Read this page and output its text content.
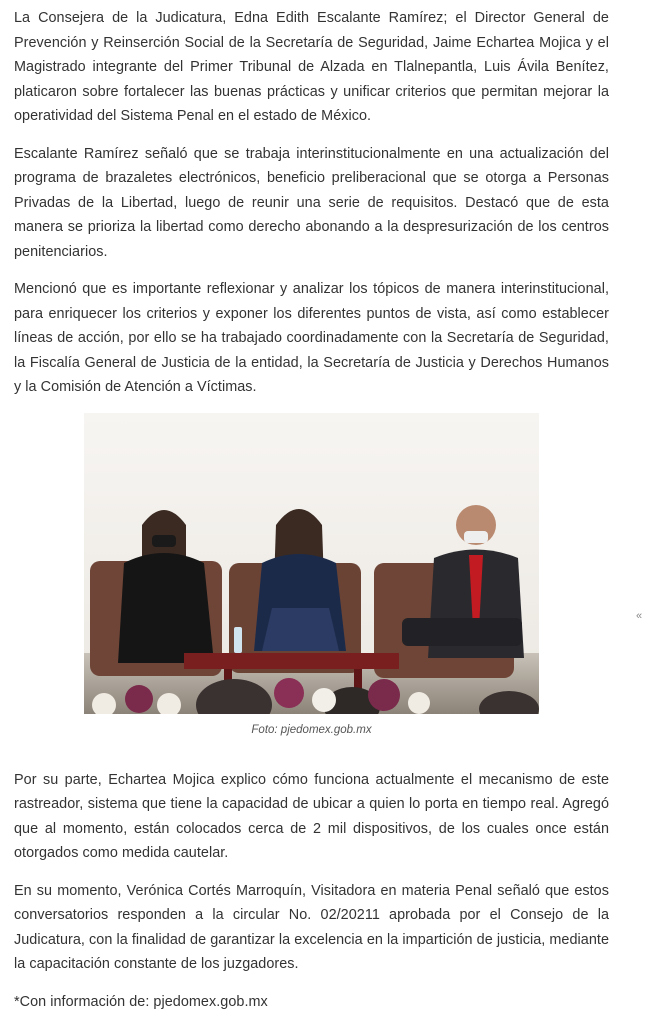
La Consejera de la Judicatura, Edna Edith Escalante Ramírez; el Director General de Prevención y Reinserción Social de la Secretaría de Seguridad, Jaime Echartea Mojica y el Magistrado integrante del Primer Tribunal de Alzada en Tlalnepantla, Luis Ávila Benítez, platicaron sobre fortalecer las buenas prácticas y unificar criterios que permitan mejorar la operatividad del Sistema Penal en el estado de México.

Escalante Ramírez señaló que se trabaja interinstitucionalmente en una actualización del programa de brazaletes electrónicos, beneficio preliberacional que se otorga a Personas Privadas de la Libertad, luego de reunir una serie de requisitos. Destacó que de esta manera se prioriza la libertad como derecho abonando a la despresurización de los centros penitenciarios.

Mencionó que es importante reflexionar y analizar los tópicos de manera interinstitucional, para enriquecer los criterios y exponer los diferentes puntos de vista, así como establecer líneas de acción, por ello se ha trabajado coordinadamente con la Secretaría de Seguridad, la Fiscalía General de Justicia de la entidad, la Secretaría de Justicia y Derechos Humanos y la Comisión de Atención a Víctimas.

Foto: pjedomex.gob.mx

Por su parte, Echartea Mojica explico cómo funciona actualmente el mecanismo de este rastreador, sistema que tiene la capacidad de ubicar a quien lo porta en tiempo real. Agregó que al momento, están colocados cerca de 2 mil dispositivos, de los cuales once están otorgados como medida cautelar.

En su momento, Verónica Cortés Marroquín, Visitadora en materia Penal señaló que estos conversatorios responden a la circular No. 02/20211 aprobada por el Consejo de la Judicatura, con la finalidad de garantizar la excelencia en la impartición de justicia, mediante la capacitación constante de los juzgadores.

*Con información de: pjedomex.gob.mx

«
